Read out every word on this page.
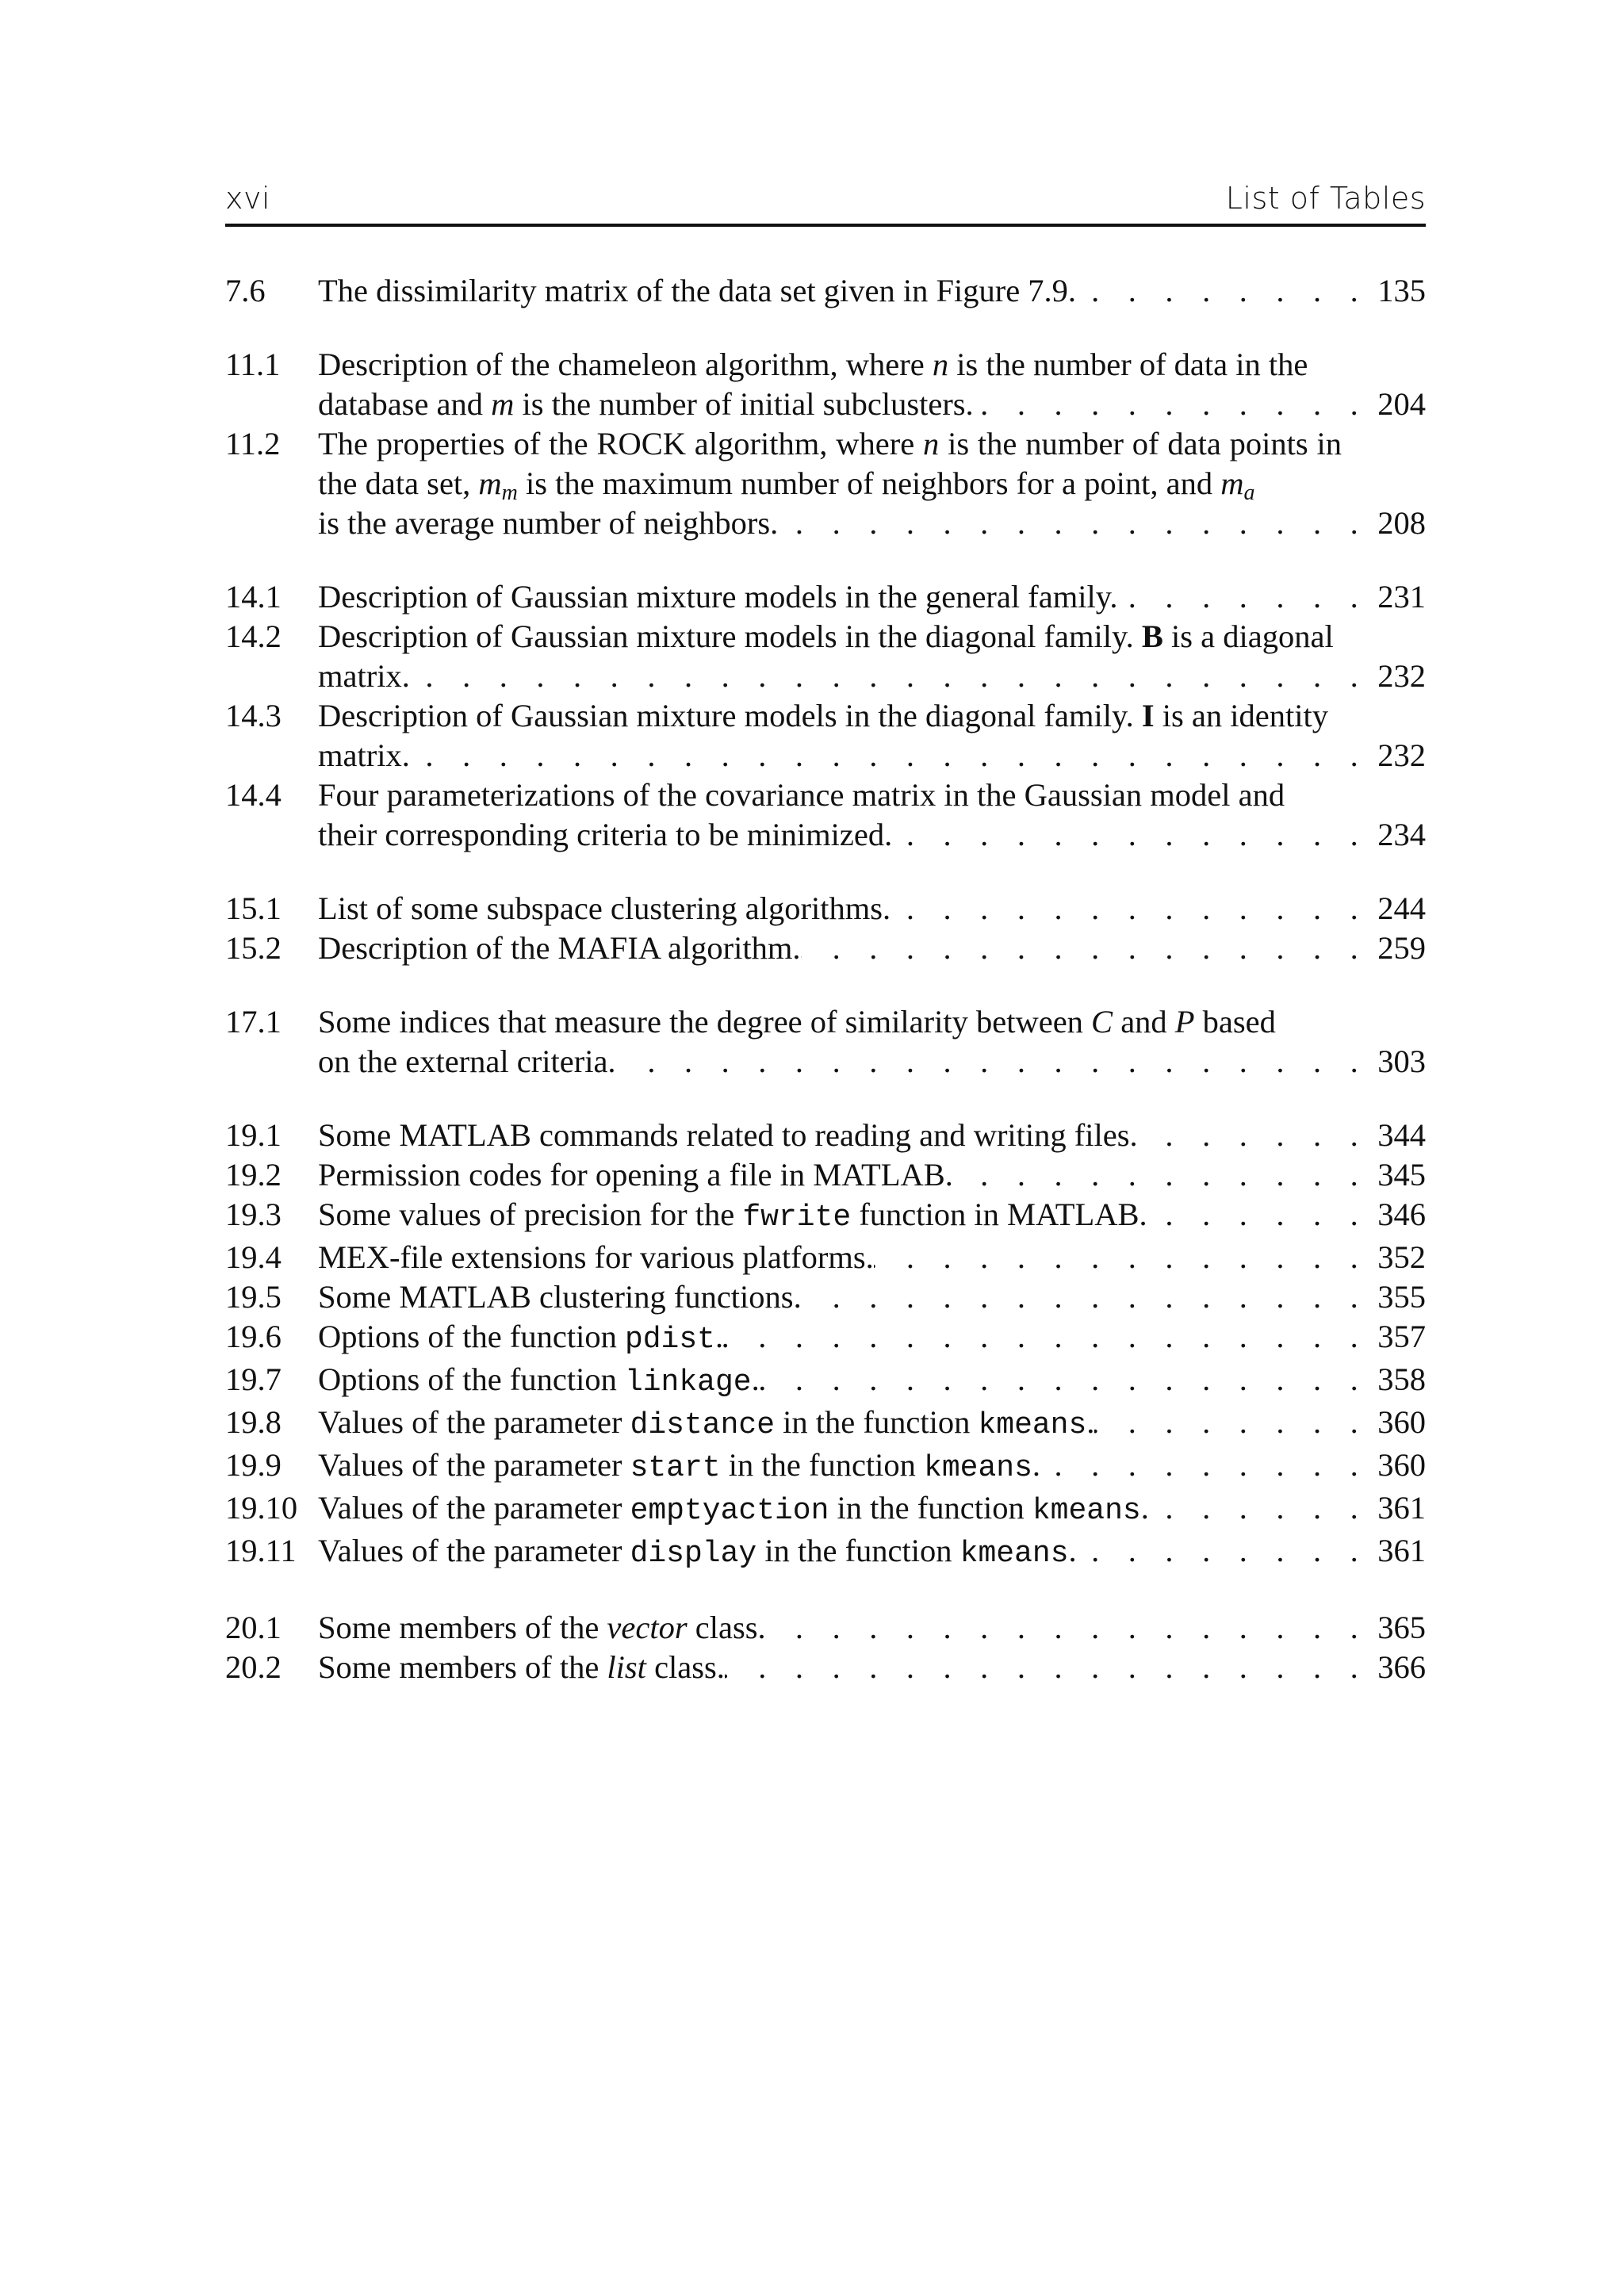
xvi	List of Tables
7.6	The dissimilarity matrix of the data set given in Figure 7.9. . . .	135
11.1	Description of the chameleon algorithm, where n is the number of data in the
database and m is the number of initial subclusters. . . .	204
11.2	The properties of the ROCK algorithm, where n is the number of data points in the data set, $m_m$ is the maximum number of neighbors for a point, and $m_a$
is the average number of neighbors. . . .	208
14.1	Description of Gaussian mixture models in the general family. . . .	231
14.2	Description of Gaussian mixture models in the diagonal family. B is a diagonal
matrix. . . .	232
14.3	Description of Gaussian mixture models in the diagonal family. I is an identity
matrix. . . .	232
14.4	Four parameterizations of the covariance matrix in the Gaussian model and
their corresponding criteria to be minimized. . . .	234
15.1	List of some subspace clustering algorithms. . . .	244
15.2	Description of the MAFIA algorithm. . . .	259
17.1	Some indices that measure the degree of similarity between C and P based
on the external criteria. . . .	303
19.1	Some MATLAB commands related to reading and writing files. . . .	344
19.2	Permission codes for opening a file in MATLAB. . . .	345
19.3	Some values of precision for the fwrite function in MATLAB. . . .	346
19.4	MEX-file extensions for various platforms. . . .	352
19.5	Some MATLAB clustering functions. . . .	355
19.6	Options of the function pdist. . . .	357
19.7	Options of the function linkage. . . .	358
19.8	Values of the parameter distance in the function kmeans. . . .	360
19.9	Values of the parameter start in the function kmeans. . . .	360
19.10 Values of the parameter emptyaction in the function kmeans. . . .	361
19.11 Values of the parameter display in the function kmeans. . . .	361
20.1	Some members of the vector class. . . .	365
20.2	Some members of the list class. . . .	366
